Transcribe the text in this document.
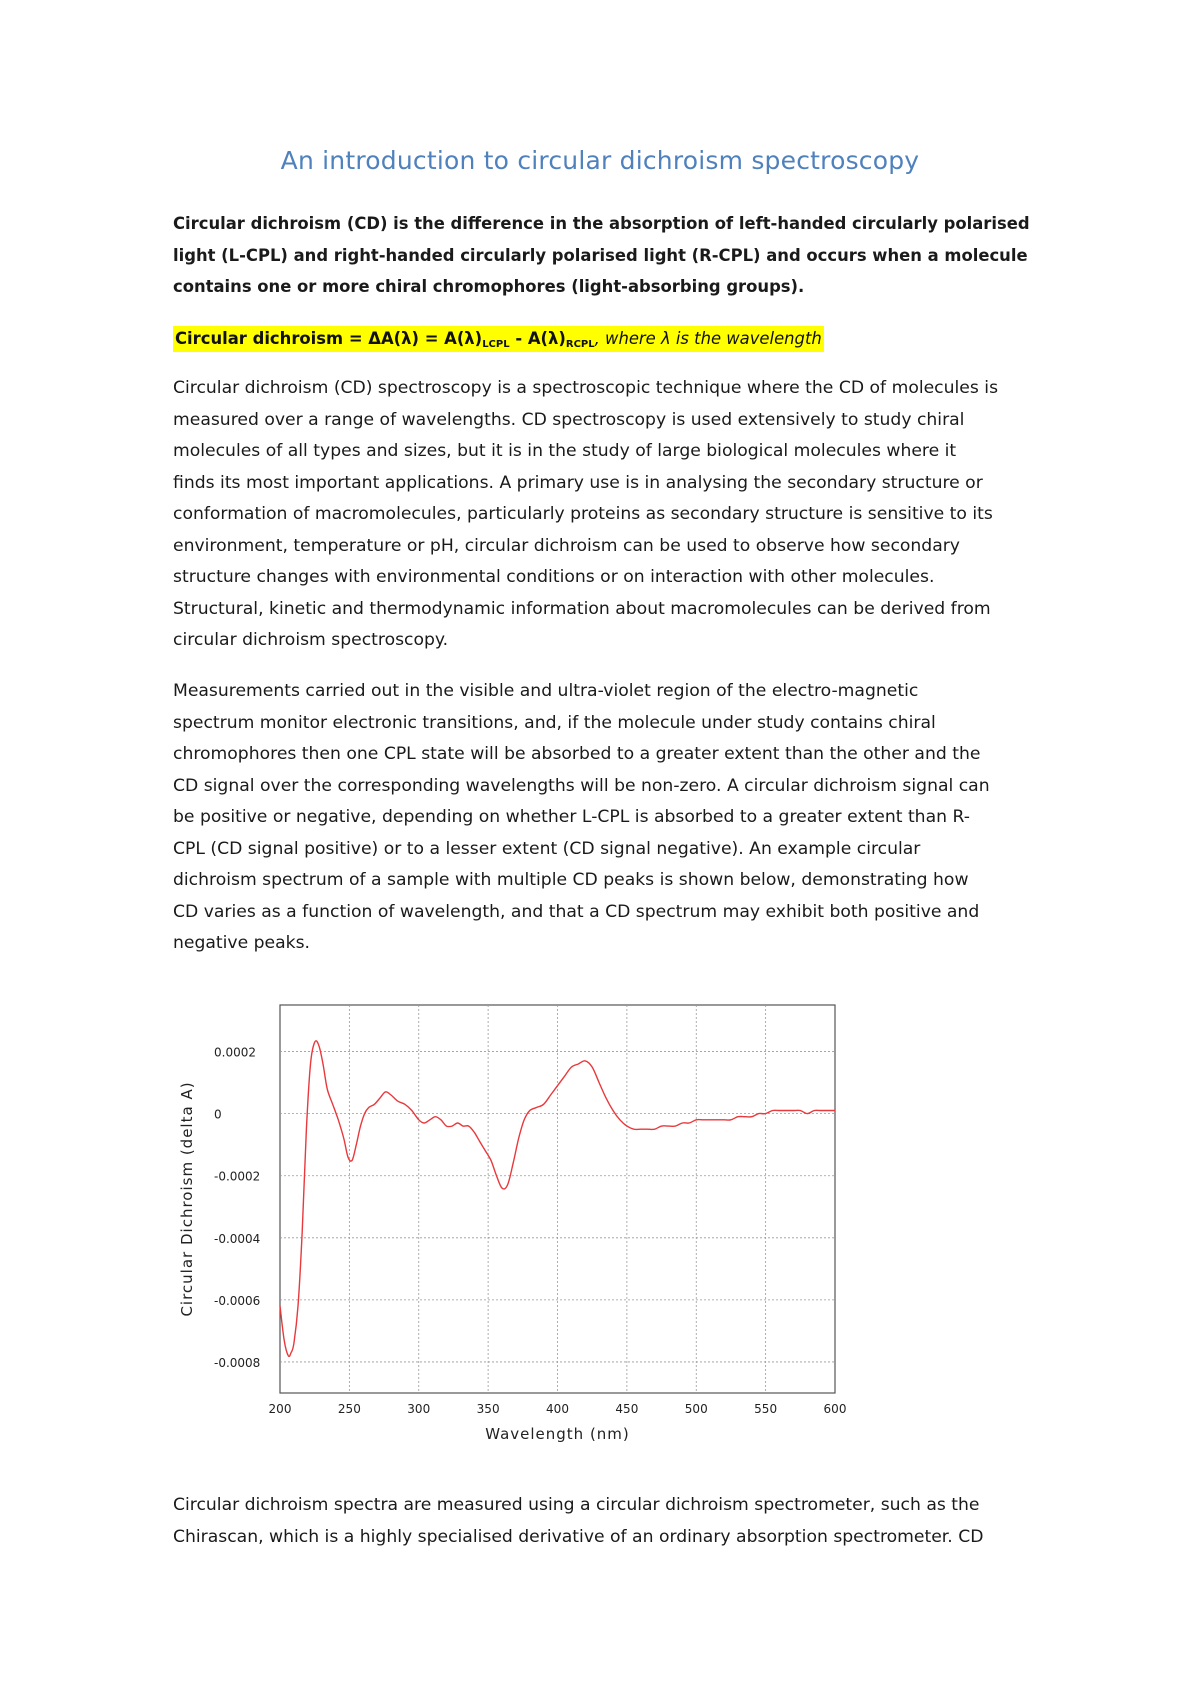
An introduction to circular dichroism spectroscopy
Circular dichroism (CD) is the difference in the absorption of left-handed circularly polarised
light (L-CPL) and right-handed circularly polarised light (R-CPL) and occurs when a molecule
contains one or more chiral chromophores (light-absorbing groups).
Circular dichroism = $\Delta A(\lambda) = A(\lambda)_{LCPL} - A(\lambda)_{RCPL}$, where λ is the wavelength
Circular dichroism (CD) spectroscopy is a spectroscopic technique where the CD of molecules is
measured over a range of wavelengths. CD spectroscopy is used extensively to study chiral
molecules of all types and sizes, but it is in the study of large biological molecules where it
finds its most important applications. A primary use is in analysing the secondary structure or
conformation of macromolecules, particularly proteins as secondary structure is sensitive to its
environment, temperature or pH, circular dichroism can be used to observe how secondary
structure changes with environmental conditions or on interaction with other molecules.
Structural, kinetic and thermodynamic information about macromolecules can be derived from
circular dichroism spectroscopy.
Measurements carried out in the visible and ultra-violet region of the electro-magnetic
spectrum monitor electronic transitions, and, if the molecule under study contains chiral
chromophores then one CPL state will be absorbed to a greater extent than the other and the
CD signal over the corresponding wavelengths will be non-zero. A circular dichroism signal can
be positive or negative, depending on whether L-CPL is absorbed to a greater extent than R-
CPL (CD signal positive) or to a lesser extent (CD signal negative). An example circular
dichroism spectrum of a sample with multiple CD peaks is shown below, demonstrating how
CD varies as a function of wavelength, and that a CD spectrum may exhibit both positive and
negative peaks.
200	250	300	350	400	450	500	550	600
0.0002
0
-0.0002
-0.0004
-0.0006
-0.0008
Wavelength (nm)
Circular Dichroism (delta A)
Circular dichroism spectra are measured using a circular dichroism spectrometer, such as the
Chirascan, which is a highly specialised derivative of an ordinary absorption spectrometer. CD
